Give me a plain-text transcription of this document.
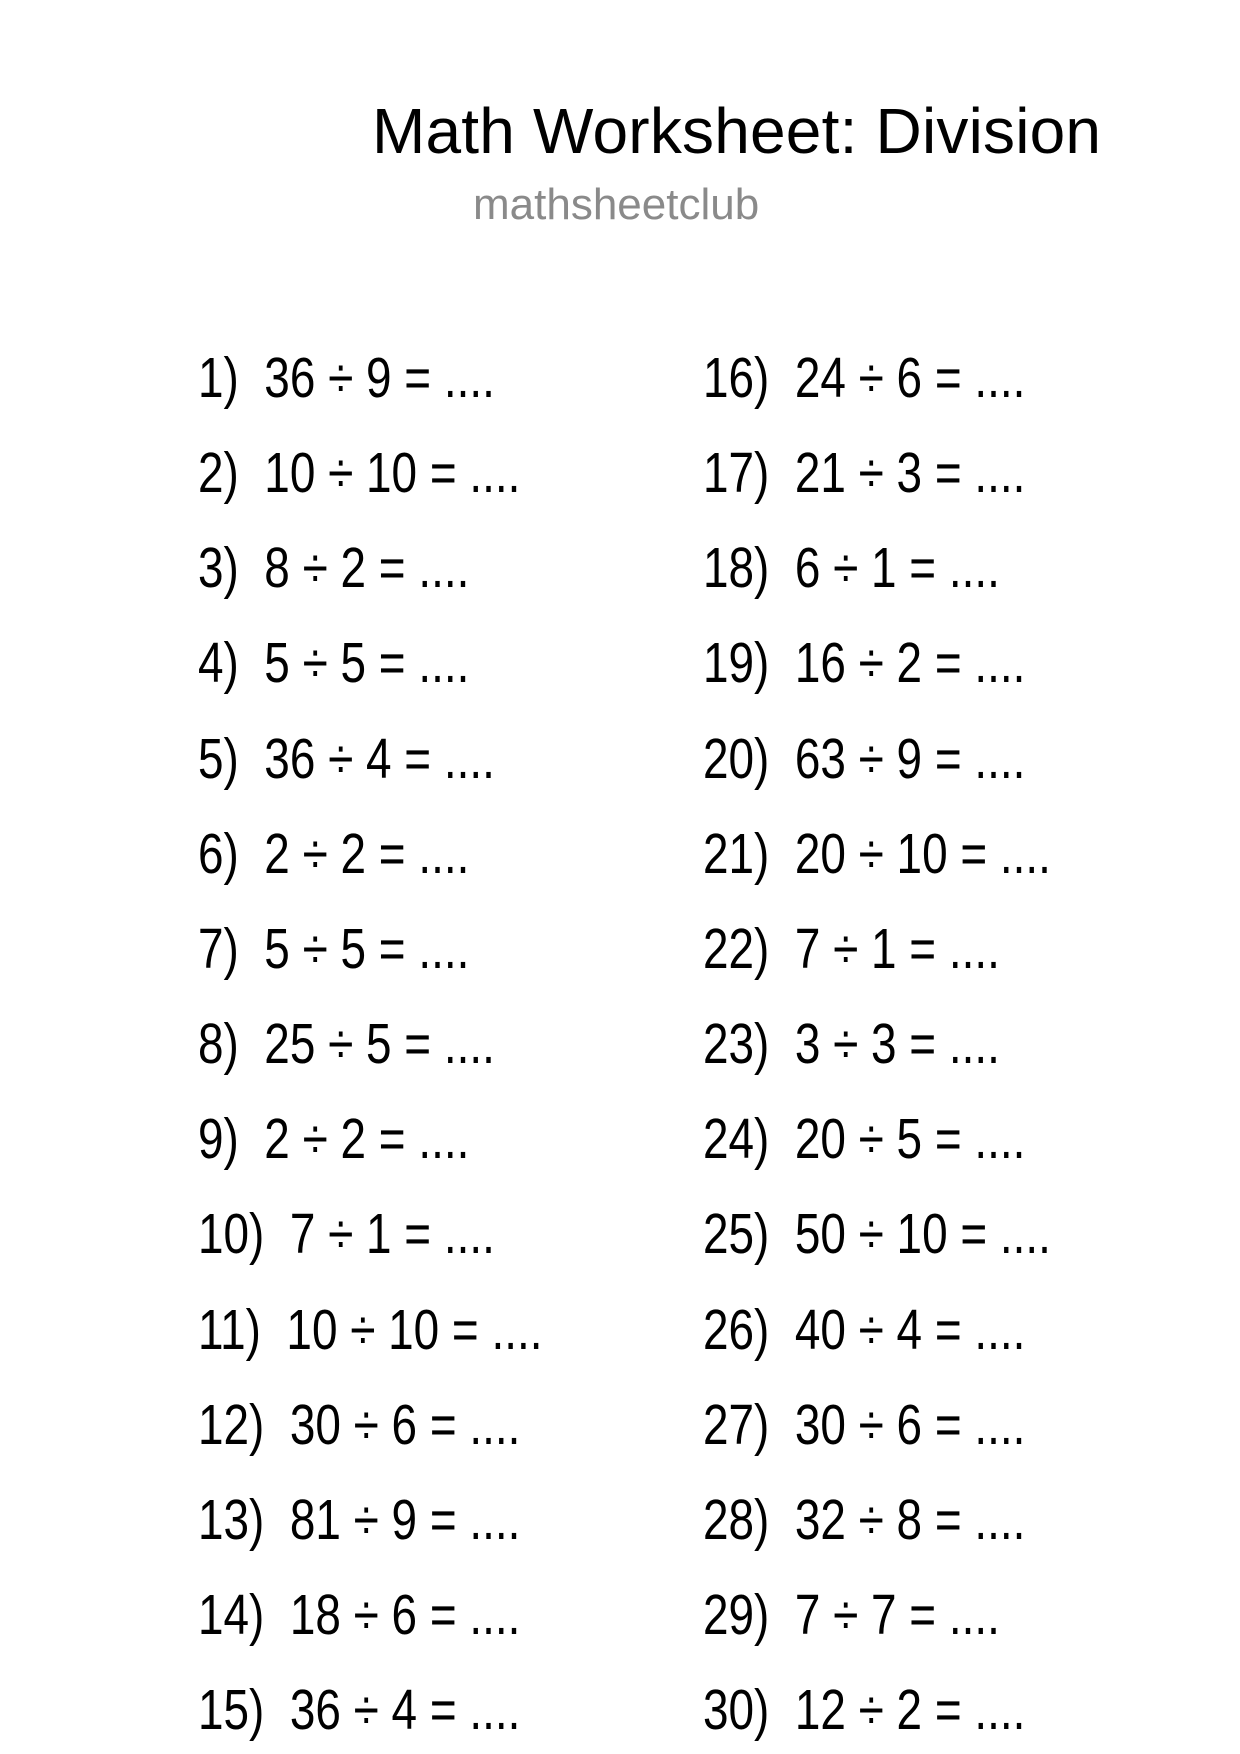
Math Worksheet: Division
mathsheetclub
1) 36 ÷ 9 = ....
2) 10 ÷ 10 = ....
3) 8 ÷ 2 = ....
4) 5 ÷ 5 = ....
5) 36 ÷ 4 = ....
6) 2 ÷ 2 = ....
7) 5 ÷ 5 = ....
8) 25 ÷ 5 = ....
9) 2 ÷ 2 = ....
10) 7 ÷ 1 = ....
11) 10 ÷ 10 = ....
12) 30 ÷ 6 = ....
13) 81 ÷ 9 = ....
14) 18 ÷ 6 = ....
15) 36 ÷ 4 = ....
16) 24 ÷ 6 = ....
17) 21 ÷ 3 = ....
18) 6 ÷ 1 = ....
19) 16 ÷ 2 = ....
20) 63 ÷ 9 = ....
21) 20 ÷ 10 = ....
22) 7 ÷ 1 = ....
23) 3 ÷ 3 = ....
24) 20 ÷ 5 = ....
25) 50 ÷ 10 = ....
26) 40 ÷ 4 = ....
27) 30 ÷ 6 = ....
28) 32 ÷ 8 = ....
29) 7 ÷ 7 = ....
30) 12 ÷ 2 = ....
